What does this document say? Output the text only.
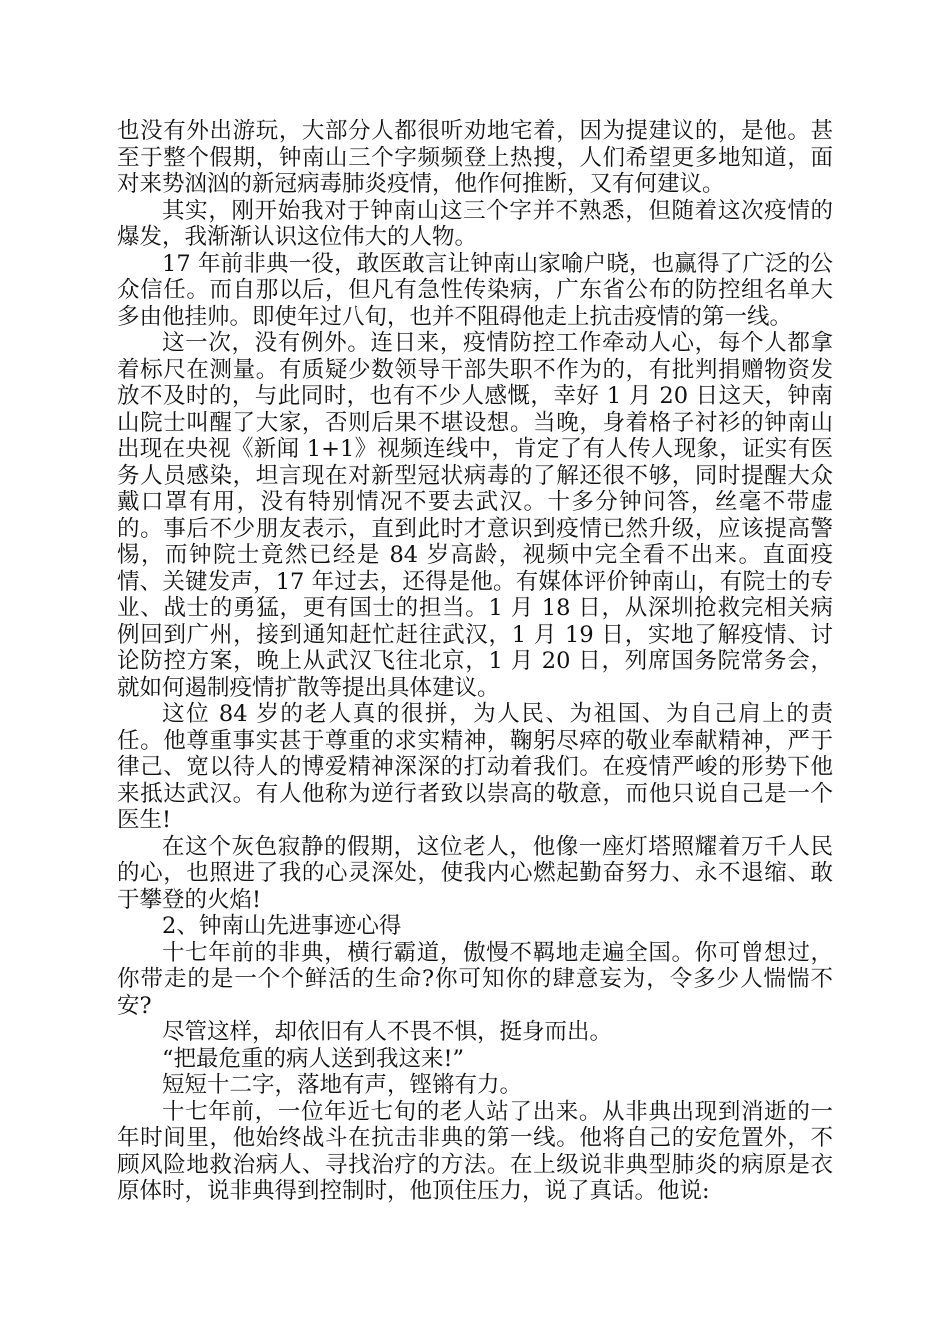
也没有外出游玩，大部分人都很听劝地宅着，因为提建议的，是他。甚至于整个假期，钟南山三个字频频登上热搜，人们希望更多地知道，面对来势汹汹的新冠病毒肺炎疫情，他作何推断，又有何建议。

其实，刚开始我对于钟南山这三个字并不熟悉，但随着这次疫情的爆发，我渐渐认识这位伟大的人物。

17 年前非典一役，敢医敢言让钟南山家喻户晓，也赢得了广泛的公众信任。而自那以后，但凡有急性传染病，广东省公布的防控组名单大多由他挂帅。即使年过八旬，也并不阻碍他走上抗击疫情的第一线。

这一次，没有例外。连日来，疫情防控工作牵动人心，每个人都拿着标尺在测量。有质疑少数领导干部失职不作为的，有批判捐赠物资发放不及时的，与此同时，也有不少人感慨，幸好 1 月 20 日这天，钟南山院士叫醒了大家，否则后果不堪设想。当晚，身着格子衬衫的钟南山出现在央视《新闻 1+1》视频连线中，肯定了有人传人现象，证实有医务人员感染，坦言现在对新型冠状病毒的了解还很不够，同时提醒大众戴口罩有用，没有特别情况不要去武汉。十多分钟问答，丝毫不带虚的。事后不少朋友表示，直到此时才意识到疫情已然升级，应该提高警惕，而钟院士竟然已经是 84 岁高龄，视频中完全看不出来。直面疫情、关键发声，17 年过去，还得是他。有媒体评价钟南山，有院士的专业、战士的勇猛，更有国士的担当。1 月 18 日，从深圳抢救完相关病例回到广州，接到通知赶忙赶往武汉，1 月 19 日，实地了解疫情、讨论防控方案，晚上从武汉飞往北京，1 月 20 日，列席国务院常务会，就如何遏制疫情扩散等提出具体建议。

这位 84 岁的老人真的很拼，为人民、为祖国、为自己肩上的责任。他尊重事实甚于尊重的求实精神，鞠躬尽瘁的敬业奉献精神，严于律己、宽以待人的博爱精神深深的打动着我们。在疫情严峻的形势下他来抵达武汉。有人他称为逆行者致以崇高的敬意，而他只说自己是一个医生!

在这个灰色寂静的假期，这位老人，他像一座灯塔照耀着万千人民的心，也照进了我的心灵深处，使我内心燃起勤奋努力、永不退缩、敢于攀登的火焰!

2、钟南山先进事迹心得

十七年前的非典，横行霸道，傲慢不羁地走遍全国。你可曾想过，你带走的是一个个鲜活的生命?你可知你的肆意妄为，令多少人惴惴不安?

尽管这样，却依旧有人不畏不惧，挺身而出。

“把最危重的病人送到我这来!”

短短十二字，落地有声，铿锵有力。

十七年前，一位年近七旬的老人站了出来。从非典出现到消逝的一年时间里，他始终战斗在抗击非典的第一线。他将自己的安危置外，不顾风险地救治病人、寻找治疗的方法。在上级说非典型肺炎的病原是衣原体时，说非典得到控制时，他顶住压力，说了真话。他说:
